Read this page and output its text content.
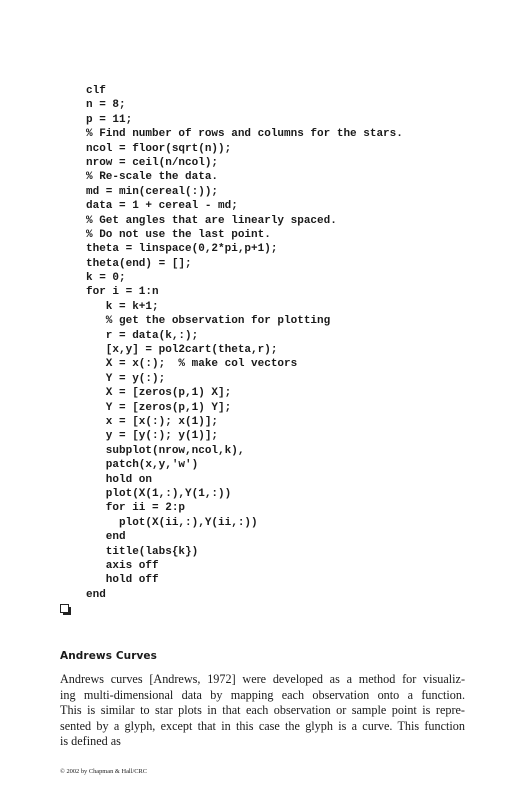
clf
n = 8;
p = 11;
% Find number of rows and columns for the stars.
ncol = floor(sqrt(n));
nrow = ceil(n/ncol);
% Re-scale the data.
md = min(cereal(:));
data = 1 + cereal - md;
% Get angles that are linearly spaced.
% Do not use the last point.
theta = linspace(0,2*pi,p+1);
theta(end) = [];
k = 0;
for i = 1:n
k = k+1;
% get the observation for plotting
r = data(k,:);
[x,y] = pol2cart(theta,r);
X = x(:);  % make col vectors
Y = y(:);
X = [zeros(p,1) X];
Y = [zeros(p,1) Y];
x = [x(:); x(1)];
y = [y(:); y(1)];
subplot(nrow,ncol,k),
patch(x,y,'w')
hold on
plot(X(1,:),Y(1,:))
for ii = 2:p
plot(X(ii,:),Y(ii,:))
end
title(labs{k})
axis off
hold off
end
Andrews Curves
Andrews curves [Andrews, 1972] were developed as a method for visualiz-
ing multi-dimensional data by mapping each observation onto a function.
This is similar to star plots in that each observation or sample point is repre-
sented by a glyph, except that in this case the glyph is a curve. This function
is defined as
© 2002 by Chapman & Hall/CRC
